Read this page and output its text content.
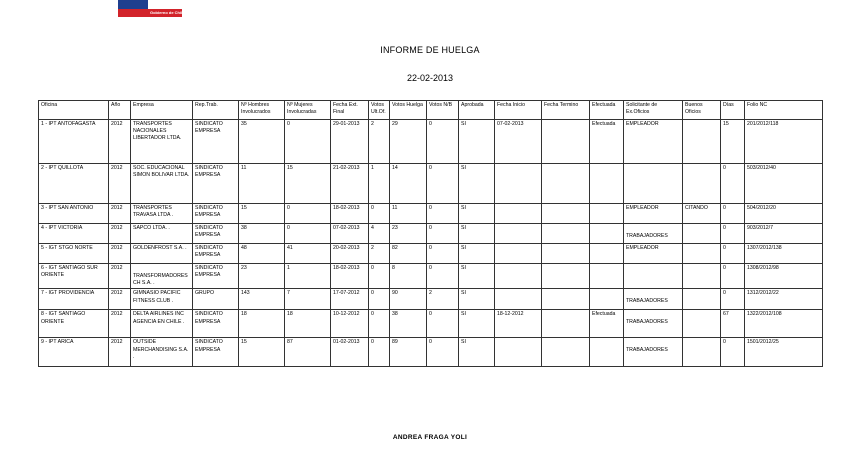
Gobierno de Chile
INFORME DE HUELGA
22-02-2013
Oficina	Año	Empresa	Rep.Trab.	Nº Hombres Involucrados	Nº Mujeres Involucradas	Fecha Ext. Final	Votos Ult.Of.	Votos Huelga	Votos N/B	Aprobada	Fecha Inicio	Fecha Termino	Efectuada	Solicitante de Ex.Oficios	Buenos Oficios	Días	Folio NC

1 - IPT ANTOFAGASTA	2012	TRANSPORTES NACIONALES LIBERTADOR LTDA.	SINDICATO EMPRESA	35	0	29-01-2013	2	29	0	SI	07-02-2013		Efectuada	EMPLEADOR		15	201/2012/118

2 - IPT QUILLOTA	2012	SOC. EDUCACIONAL SIMON BOLIVAR LTDA.	SINDICATO EMPRESA	11	15	21-02-2013	1	14	0	SI						0	503/2012/40

3 - IPT SAN ANTONIO	2012	TRANSPORTES TRAVASA LTDA .	SINDICATO EMPRESA	15	0	18-02-2013	0	11	0	SI				EMPLEADOR	CITANDO	0	504/2012/20

4 - IPT VICTORIA	2012	SAPCO LTDA. .	SINDICATO EMPRESA	38	0	07-02-2013	4	23	0	SI				TRABAJADORES		0	903/2012/7

5 - IGT STGO NORTE	2012	GOLDENFROST S.A. .	SINDICATO EMPRESA	48	41	20-02-2013	2	82	0	SI				EMPLEADOR		0	1307/2012/138

6 - IGT SANTIAGO SUR ORIENTE	2012	TRANSFORMADORES CH S.A. .	SINDICATO EMPRESA	23	1	18-02-2013	0	8	0	SI						0	1308/2012/98

7 - IGT PROVIDENCIA	2012	GIMNASIO PACIFIC FITNESS CLUB .	GRUPO	143	7	17-07-2012	0	90	2	SI				TRABAJADORES		0	1312/2012/22

8 - IGT SANTIAGO ORIENTE	2012	DELTA AIRLINES INC AGENCIA EN CHILE .	SINDICATO EMPRESA	18	18	10-12-2012	0	38	0	SI	18-12-2012		Efectuada	TRABAJADORES		67	1322/2012/108

9 - IPT ARICA	2012	OUTSIDE MERCHANDISING S.A. .	SINDICATO EMPRESA	15	87	01-02-2013	0	89	0	SI				TRABAJADORES		0	1501/2012/25
ANDREA FRAGA YOLI
